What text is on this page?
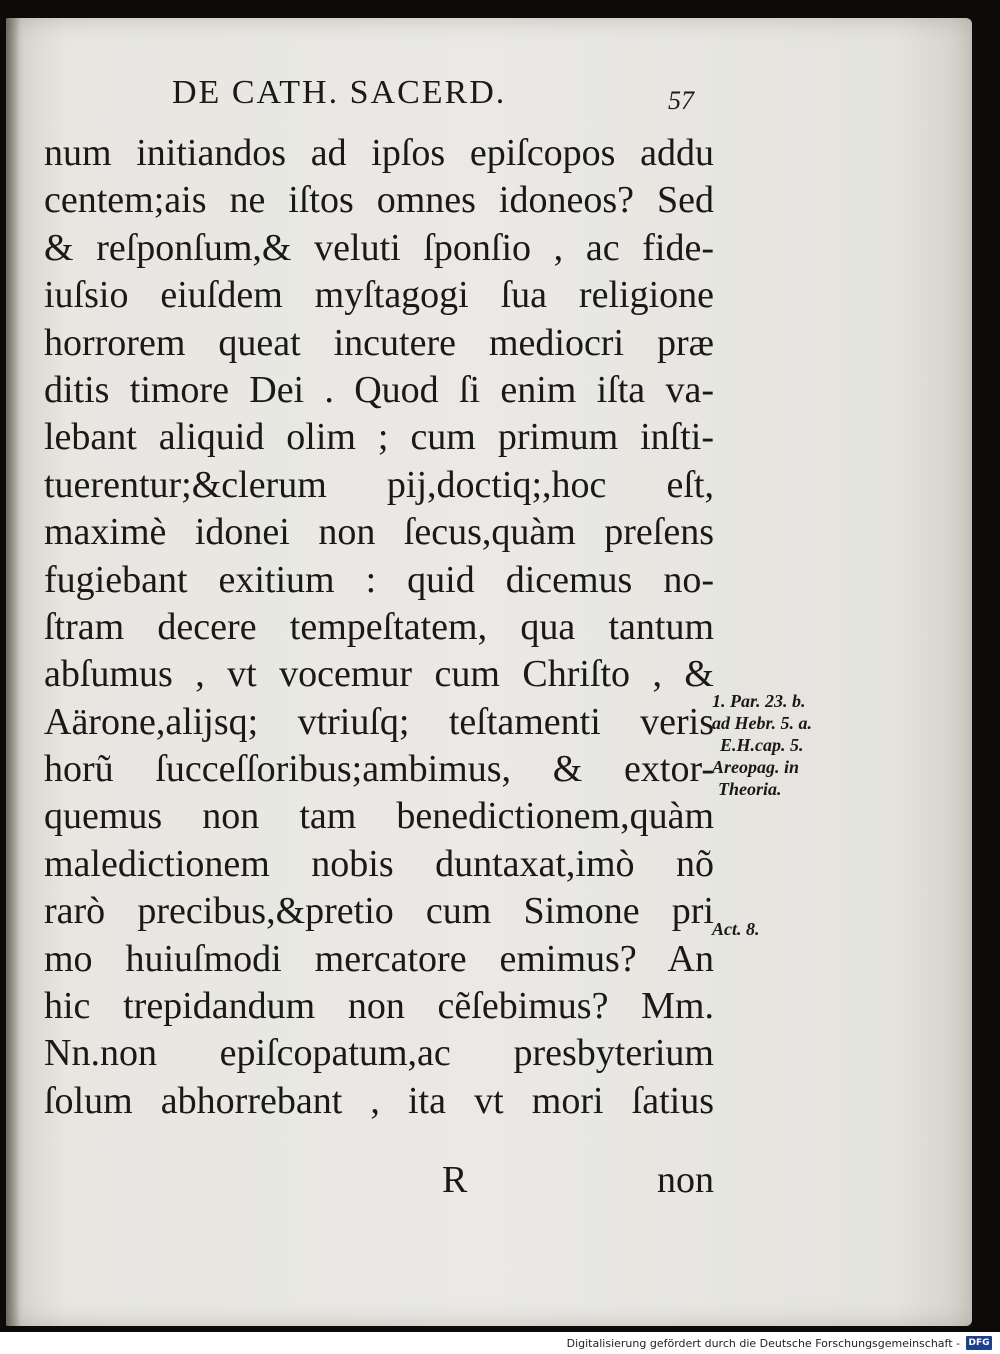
DE CATH. SACERD.	57
num initiandos ad ipſos epiſcopos addu
centem;ais ne iſtos omnes idoneos? Sed
& reſponſum,& veluti ſponſio , ac fide-
iuſsio eiuſdem myſtagogi ſua religione
horrorem queat incutere mediocri præ
ditis timore Dei . Quod ſi enim iſta va-
lebant aliquid olim ; cum primum inſti-
tuerentur;&clerum pij,doctiq;,hoc eſt,
maximè idonei non ſecus,quàm preſens
fugiebant exitium : quid dicemus no-
ſtram decere tempeſtatem, qua tantum
abſumus , vt vocemur cum Chriſto , &
Aärone,alijsq; vtriuſq; teſtamenti veris
horũ ſucceſſoribus;ambimus, & extor-
quemus non tam benedictionem,quàm
maledictionem nobis duntaxat,imò nõ
rarò precibus,&pretio cum Simone pri
mo huiuſmodi mercatore emimus? An
hic trepidandum non cẽſebimus? Mm.
Nn.non epiſcopatum,ac presbyterium
ſolum abhorrebant , ita vt mori ſatius
R	non
1. Par. 23. b.
ad Hebr. 5. a.
E.H.cap. 5.
Areopag. in
Theoria.
Act. 8.
Digitalisierung gefördert durch die Deutsche Forschungsgemeinschaft - DFG
